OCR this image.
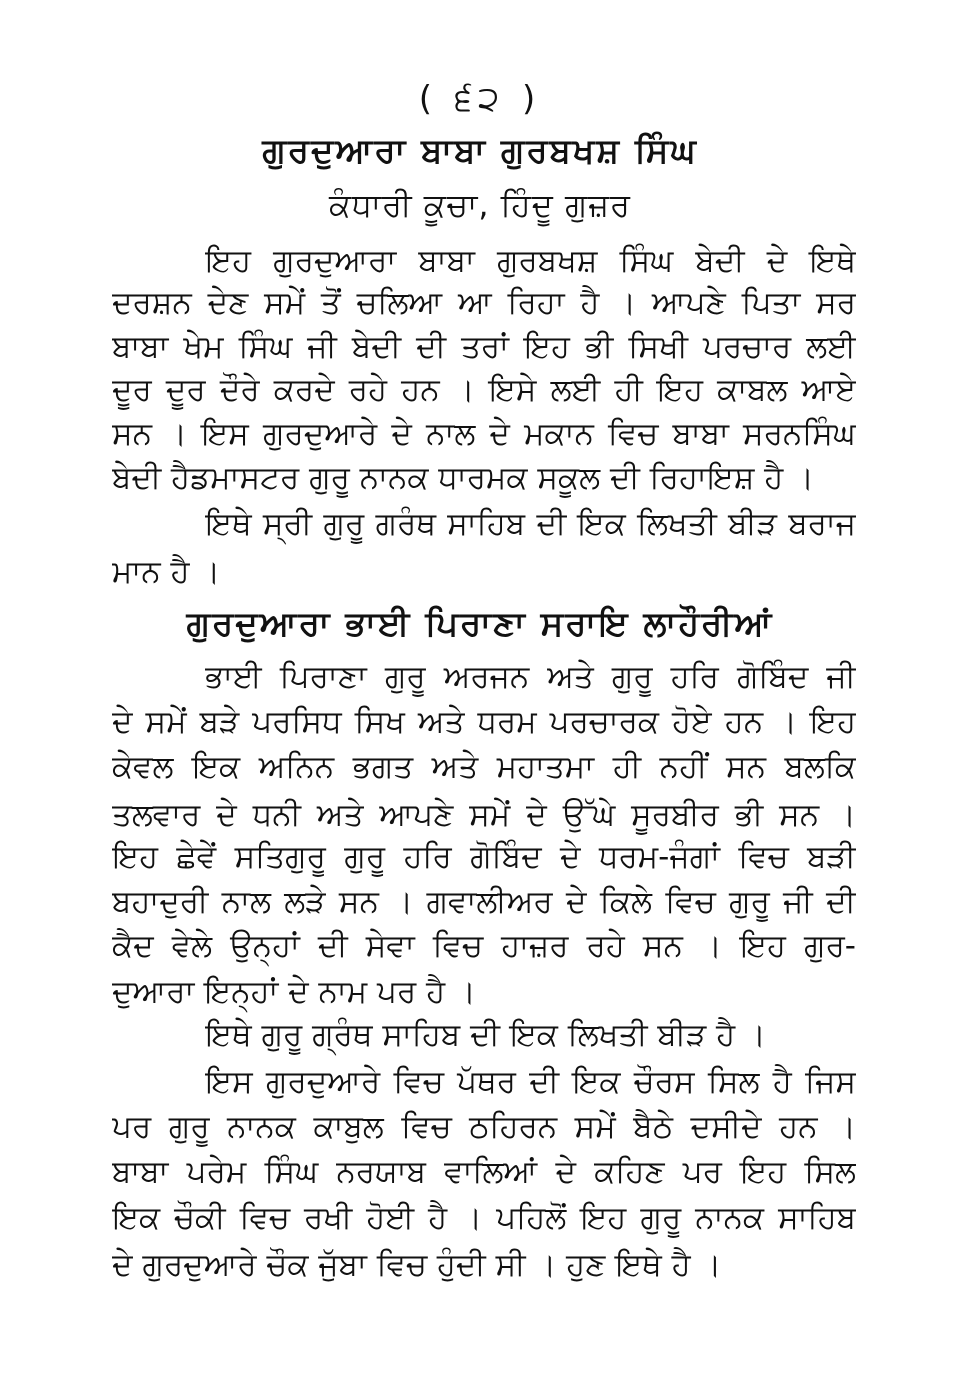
( ੬੨ )
ਗੁਰਦੁਆਰਾ ਬਾਬਾ ਗੁਰਬਖਸ਼ ਸਿੰਘ
ਕੰਧਾਰੀ ਕੂਚਾ, ਹਿੰਦੂ ਗੁਜ਼ਰ
ਇਹ ਗੁਰਦੁਆਰਾ ਬਾਬਾ ਗੁਰਬਖਸ਼ ਸਿੰਘ ਬੇਦੀ ਦੇ ਇਥੇ
ਦਰਸ਼ਨ ਦੇਣ ਸਮੇਂ ਤੋਂ ਚਲਿਆ ਆ ਰਿਹਾ ਹੈ । ਆਪਣੇ ਪਿਤਾ ਸਰ
ਬਾਬਾ ਖੇਮ ਸਿੰਘ ਜੀ ਬੇਦੀ ਦੀ ਤਰਾਂ ਇਹ ਭੀ ਸਿਖੀ ਪਰਚਾਰ ਲਈ
ਦੂਰ ਦੂਰ ਦੌਰੇ ਕਰਦੇ ਰਹੇ ਹਨ । ਇਸੇ ਲਈ ਹੀ ਇਹ ਕਾਬਲ ਆਏ
ਸਨ । ਇਸ ਗੁਰਦੁਆਰੇ ਦੇ ਨਾਲ ਦੇ ਮਕਾਨ ਵਿਚ ਬਾਬਾ ਸਰਨਸਿੰਘ
ਬੇਦੀ ਹੈਡਮਾਸਟਰ ਗੁਰੂ ਨਾਨਕ ਧਾਰਮਕ ਸਕੂਲ ਦੀ ਰਿਹਾਇਸ਼ ਹੈ ।
ਇਥੇ ਸ੍ਰੀ ਗੁਰੂ ਗਰੰਥ ਸਾਹਿਬ ਦੀ ਇਕ ਲਿਖਤੀ ਬੀੜ ਬਰਾਜ
ਮਾਨ ਹੈ ।
ਗੁਰਦੁਆਰਾ ਭਾਈ ਪਿਰਾਣਾ ਸਰਾਇ ਲਾਹੌਰੀਆਂ
ਭਾਈ ਪਿਰਾਣਾ ਗੁਰੂ ਅਰਜਨ ਅਤੇ ਗੁਰੂ ਹਰਿ ਗੋਬਿੰਦ ਜੀ
ਦੇ ਸਮੇਂ ਬੜੇ ਪਰਸਿਧ ਸਿਖ ਅਤੇ ਧਰਮ ਪਰਚਾਰਕ ਹੋਏ ਹਨ । ਇਹ
ਕੇਵਲ ਇਕ ਅਨਿਨ ਭਗਤ ਅਤੇ ਮਹਾਤਮਾ ਹੀ ਨਹੀਂ ਸਨ ਬਲਕਿ
ਤਲਵਾਰ ਦੇ ਧਨੀ ਅਤੇ ਆਪਣੇ ਸਮੇਂ ਦੇ ਉੱਘੇ ਸੂਰਬੀਰ ਭੀ ਸਨ ।
ਇਹ ਛੇਵੇਂ ਸਤਿਗੁਰੂ ਗੁਰੂ ਹਰਿ ਗੋਬਿੰਦ ਦੇ ਧਰਮ-ਜੰਗਾਂ ਵਿਚ ਬੜੀ
ਬਹਾਦੁਰੀ ਨਾਲ ਲੜੇ ਸਨ । ਗਵਾਲੀਅਰ ਦੇ ਕਿਲੇ ਵਿਚ ਗੁਰੂ ਜੀ ਦੀ
ਕੈਦ ਵੇਲੇ ਉਨ੍ਹਾਂ ਦੀ ਸੇਵਾ ਵਿਚ ਹਾਜ਼ਰ ਰਹੇ ਸਨ । ਇਹ ਗੁਰ-
ਦੁਆਰਾ ਇਨ੍ਹਾਂ ਦੇ ਨਾਮ ਪਰ ਹੈ ।
ਇਥੇ ਗੁਰੂ ਗ੍ਰੰਥ ਸਾਹਿਬ ਦੀ ਇਕ ਲਿਖਤੀ ਬੀੜ ਹੈ ।
ਇਸ ਗੁਰਦੁਆਰੇ ਵਿਚ ਪੱਥਰ ਦੀ ਇਕ ਚੌਰਸ ਸਿਲ ਹੈ ਜਿਸ
ਪਰ ਗੁਰੂ ਨਾਨਕ ਕਾਬੁਲ ਵਿਚ ਠਹਿਰਨ ਸਮੇਂ ਬੈਠੇ ਦਸੀਦੇ ਹਨ ।
ਬਾਬਾ ਪਰੇਮ ਸਿੰਘ ਨਰਯਾਬ ਵਾਲਿਆਂ ਦੇ ਕਹਿਣ ਪਰ ਇਹ ਸਿਲ
ਇਕ ਚੌਕੀ ਵਿਚ ਰਖੀ ਹੋਈ ਹੈ । ਪਹਿਲੋਂ ਇਹ ਗੁਰੂ ਨਾਨਕ ਸਾਹਿਬ
ਦੇ ਗੁਰਦੁਆਰੇ ਚੌਕ ਜੁੱਬਾ ਵਿਚ ਹੁੰਦੀ ਸੀ । ਹੁਣ ਇਥੇ ਹੈ ।
